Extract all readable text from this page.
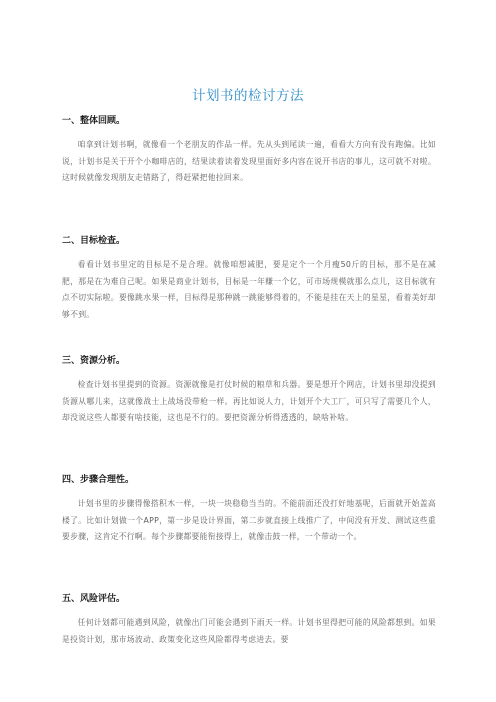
计划书的检讨方法
一、整体回顾。

咱拿到计划书啊，就像看一个老朋友的作品一样。先从头到尾读一遍，看看大方向有没有跑偏。比如说，计划书是关于开个小咖啡店的，结果读着读着发现里面好多内容在说开书店的事儿，这可就不对啦。这时候就像发现朋友走错路了，得赶紧把他拉回来。

二、目标检查。

看看计划书里定的目标是不是合理。就像咱想减肥，要是定个一个月瘦50斤的目标，那不是在减肥，那是在为难自己呢。如果是商业计划书，目标是一年赚一个亿，可市场规模就那么点儿，这目标就有点不切实际啦。要像跳水果一样，目标得是那种跳一跳能够得着的，不能是挂在天上的星星，看着美好却够不到。

三、资源分析。

检查计划书里提到的资源。资源就像是打仗时候的粮草和兵器。要是想开个网店，计划书里却没提到货源从哪儿来，这就像战士上战场没带枪一样。再比如说人力，计划开个大工厂，可只写了需要几个人，却没说这些人都要有啥技能，这也是不行的。要把资源分析得透透的，缺啥补啥。

四、步骤合理性。

计划书里的步骤得像搭积木一样，一块一块稳稳当当的。不能前面还没打好地基呢，后面就开始盖高楼了。比如计划做一个APP，第一步是设计界面，第二步就直接上线推广了，中间没有开发、测试这些重要步骤，这肯定不行啊。每个步骤都要能衔接得上，就像击鼓一样，一个带动一个。

五、风险评估。

任何计划都可能遇到风险，就像出门可能会遇到下雨天一样。计划书里得把可能的风险都想到。如果是投资计划，那市场波动、政策变化这些风险都得考虑进去。要
